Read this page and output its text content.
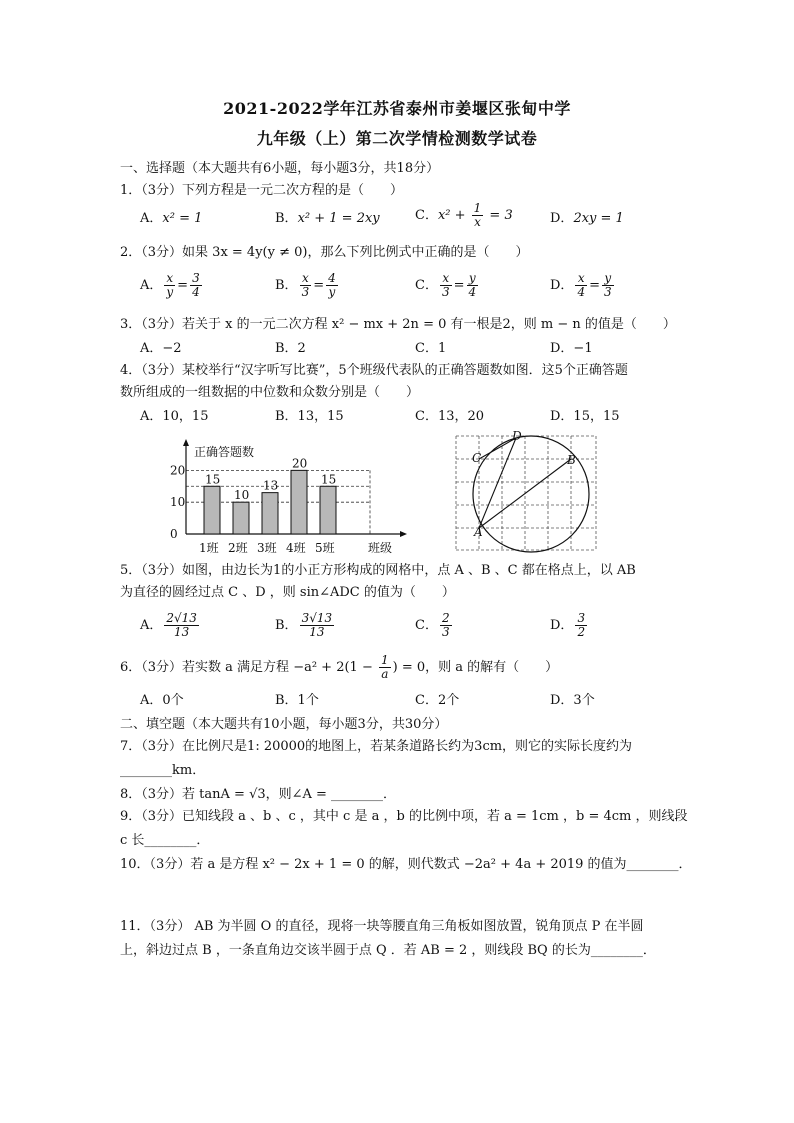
2021-2022学年江苏省泰州市姜堰区张甸中学
九年级（上）第二次学情检测数学试卷
一、选择题（本大题共有6小题，每小题3分，共18分）
1．（3分）下列方程是一元二次方程的是（　　）
A．x² = 1	B．x² + 1 = 2xy	C．$x^2 + \frac{1}{x} = 3$	D．2xy = 1
2．（3分）如果 3x = 4y(y ≠ 0)，那么下列比例式中正确的是（　　）
A． $\frac{x}{y} = \frac{3}{4}$	B． $\frac{x}{3} = \frac{4}{y}$	C． $\frac{x}{3} = \frac{y}{4}$	D． $\frac{x}{4} = \frac{y}{3}$
3．（3分）若关于 x 的一元二次方程 x² − mx + 2n = 0 有一根是2，则 m − n 的值是（　　）
A．−2	B．2	C．1	D．−1
4．（3分）某校举行“汉字听写比赛”，5个班级代表队的正确答题数如图．这5个正确答题
数所组成的一组数据的中位数和众数分别是（　　）
A．10，15	B．13，15	C．13，20	D．15，15
正确答题数
班级
0
10
20
15
1班
10
2班
13
3班
20
4班
15
5班
D
C	B
A
5．（3分）如图，由边长为1的小正方形构成的网格中，点 A 、B 、C 都在格点上，以 AB
为直径的圆经过点 C 、D ，则 sin∠ADC 的值为（　　）
A． $\frac{2√13}{13}$	B． $\frac{3√13}{13}$	C． $\frac{2}{3}$	D． $\frac{3}{2}$
6．（3分）若实数 a 满足方程 $-a^2 + 2(1 - \frac{1}{a}$ ) = 0，则 a 的解有（　　）
A．0个	B．1个	C．2个	D．3个
二、填空题（本大题共有10小题，每小题3分，共30分）
7．（3分）在比例尺是1: 20000的地图上，若某条道路长约为3cm，则它的实际长度约为
________km．
8．（3分）若 tanA = √3，则∠A = ________．
9．（3分）已知线段 a 、b 、c ，其中 c 是 a ，b 的比例中项，若 a = 1cm ，b = 4cm ，则线段
c 长________．
10．（3分）若 a 是方程 x² − 2x + 1 = 0 的解，则代数式 −2a² + 4a + 2019 的值为________．
11．（3分） AB 为半圆 O 的直径，现将一块等腰直角三角板如图放置，锐角顶点 P 在半圆
上，斜边过点 B ，一条直角边交该半圆于点 Q ．若 AB = 2 ，则线段 BQ 的长为________．
